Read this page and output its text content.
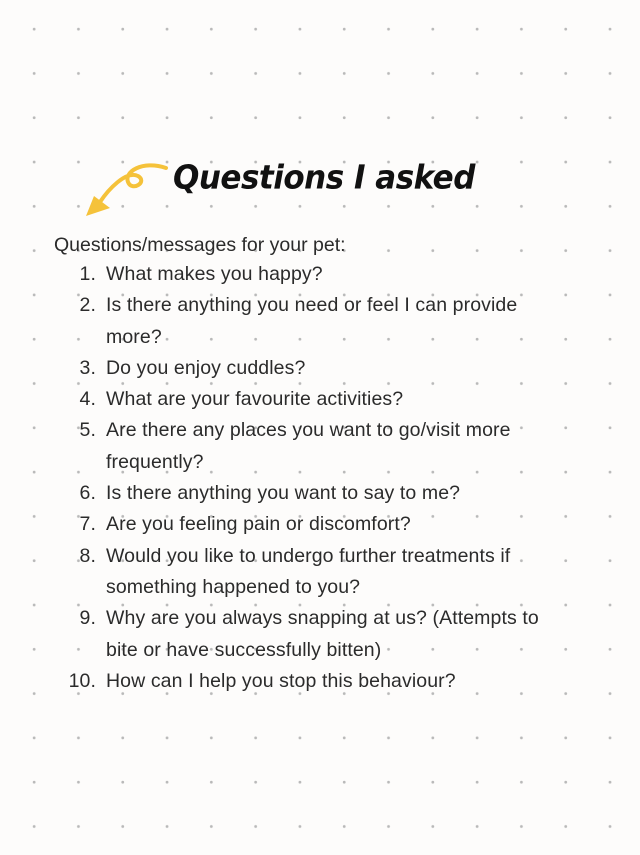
Questions I asked

Questions/messages for your pet:

1. What makes you happy?
2. Is there anything you need or feel I can provide more?
3. Do you enjoy cuddles?
4. What are your favourite activities?
5. Are there any places you want to go/visit more frequently?
6. Is there anything you want to say to me?
7. Are you feeling pain or discomfort?
8. Would you like to undergo further treatments if something happened to you?
9. Why are you always snapping at us? (Attempts to bite or have successfully bitten)
10. How can I help you stop this behaviour?
